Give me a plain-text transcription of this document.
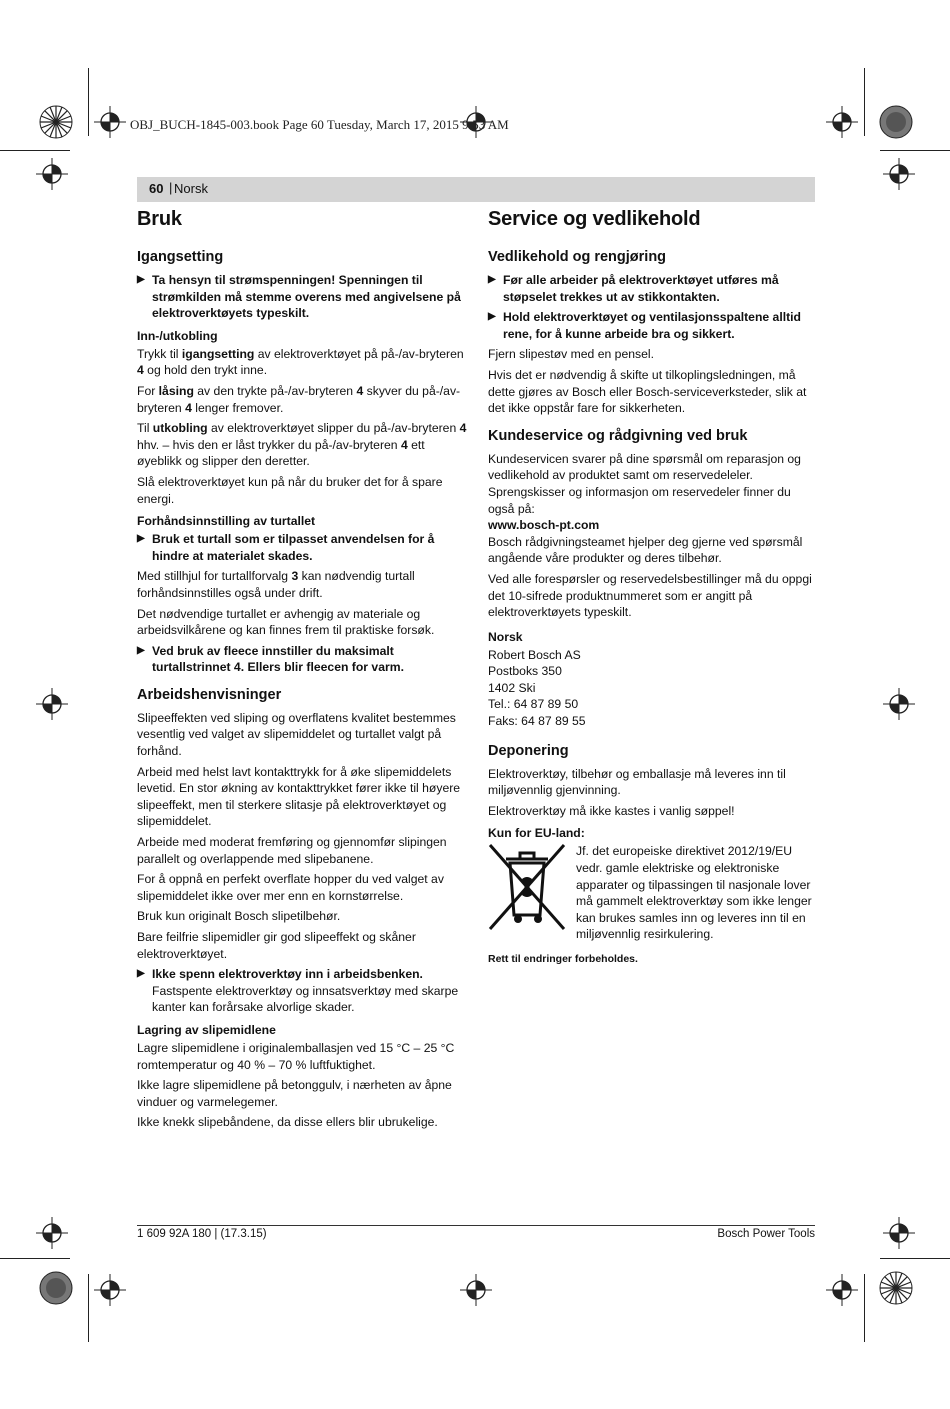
OBJ_BUCH-1845-003.book Page 60 Tuesday, March 17, 2015 9:53 AM
60 | Norsk
Bruk
Igangsetting
▶ Ta hensyn til strømspenningen! Spenningen til strømkilden må stemme overens med angivelsene på elektroverktøyets typeskilt.
Inn-/utkobling

Trykk til igangsetting av elektroverktøyet på på-/av-bryteren 4 og hold den trykt inne.

For låsing av den trykte på-/av-bryteren 4 skyver du på-/av-bryteren 4 lenger fremover.

Til utkobling av elektroverktøyet slipper du på-/av-bryteren 4 hhv. – hvis den er låst trykker du på-/av-bryteren 4 ett øyeblikk og slipper den deretter.

Slå elektroverktøyet kun på når du bruker det for å spare energi.

Forhåndsinnstilling av turtallet
▶ Bruk et turtall som er tilpasset anvendelsen for å hindre at materialet skades.

Med stillhjul for turtallforvalg 3 kan nødvendig turtall forhåndsinnstilles også under drift.

Det nødvendige turtallet er avhengig av materiale og arbeidsvilkårene og kan finnes frem til praktiske forsøk.

▶ Ved bruk av fleece innstiller du maksimalt turtallstrinnet 4. Ellers blir fleecen for varm.
Arbeidshenvisninger

Slipeeffekten ved sliping og overflatens kvalitet bestemmes vesentlig ved valget av slipemiddelet og turtallet valgt på forhånd.

Arbeid med helst lavt kontakttrykk for å øke slipemiddelets levetid. En stor økning av kontakttrykket fører ikke til høyere slipeeffekt, men til sterkere slitasje på elektroverktøyet og slipemiddelet.

Arbeide med moderat fremføring og gjennomfør slipingen parallelt og overlappende med slipebanene.

For å oppnå en perfekt overflate hopper du ved valget av slipemiddelet ikke over mer enn en kornstørrelse.

Bruk kun originalt Bosch slipetilbehør.

Bare feilfrie slipemidler gir god slipeeffekt og skåner elektroverktøyet.

▶ Ikke spenn elektroverktøy inn i arbeidsbenken. Fastspente elektroverktøy og innsatsverktøy med skarpe kanter kan forårsake alvorlige skader.
Lagring av slipemidlene

Lagre slipemidlene i originalemballasjen ved 15 °C – 25 °C romtemperatur og 40 % – 70 % luftfuktighet.

Ikke lagre slipemidlene på betonggulv, i nærheten av åpne vinduer og varmelegemer.

Ikke knekk slipebåndene, da disse ellers blir ubrukelige.

Service og vedlikehold
Vedlikehold og rengjøring
▶ Før alle arbeider på elektroverktøyet utføres må støpselet trekkes ut av stikkontakten.
▶ Hold elektroverktøyet og ventilasjonsspaltene alltid rene, for å kunne arbeide bra og sikkert.

Fjern slipestøv med en pensel.

Hvis det er nødvendig å skifte ut tilkoplingsledningen, må dette gjøres av Bosch eller Bosch-serviceverksteder, slik at det ikke oppstår fare for sikkerheten.

Kundeservice og rådgivning ved bruk

Kundeservicen svarer på dine spørsmål om reparasjon og vedlikehold av produktet samt om reservedeleler. Sprengskisser og informasjon om reservedeler finner du også på:

www.bosch-pt.com

Bosch rådgivningsteamet hjelper deg gjerne ved spørsmål angående våre produkter og deres tilbehør.

Ved alle forespørsler og reservedelsbestillinger må du oppgi det 10-sifrede produktnummeret som er angitt på elektroverktøyets typeskilt.

Norsk

Robert Bosch AS

Postboks 350

1402 Ski

Tel.: 64 87 89 50

Faks: 64 87 89 55

Deponering

Elektroverktøy, tilbehør og emballasje må leveres inn til miljøvennlig gjenvinning.

Elektroverktøy må ikke kastes i vanlig søppel!

Kun for EU-land:

Jf. det europeiske direktivet 2012/19/EU vedr. gamle elektriske og elektroniske apparater og tilpassingen til nasjonale lover må gammelt elektroverktøy som ikke lenger kan brukes samles inn og leveres inn til en miljøvennlig resirkulering.

Rett til endringer forbeholdes.
1 609 92A 180 | (17.3.15)	Bosch Power Tools
